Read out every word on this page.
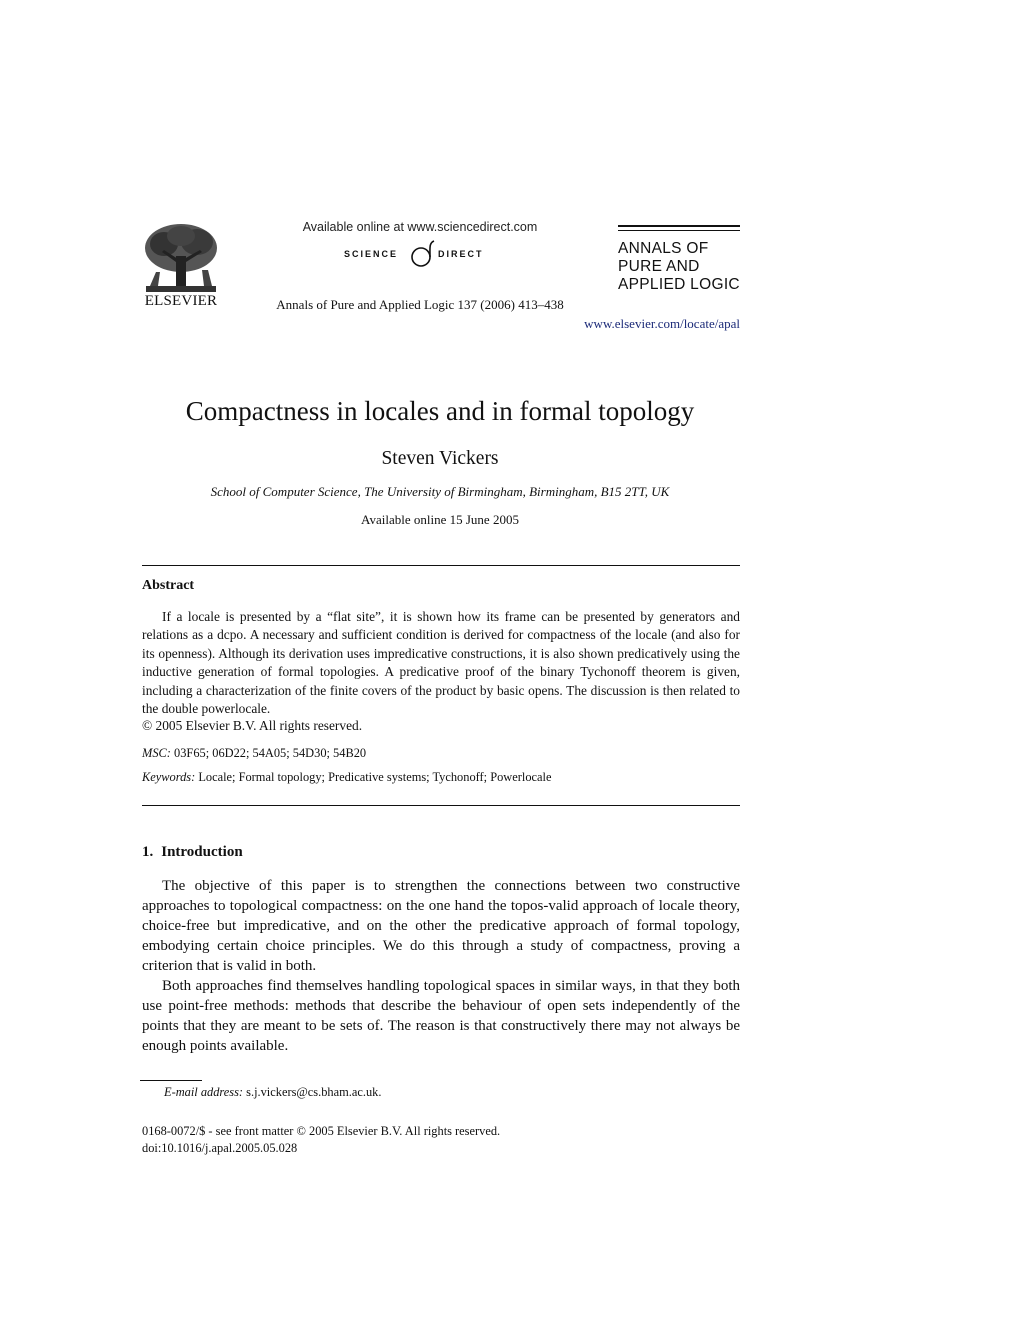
ELSEVIER
Available online at www.sciencedirect.com
SCIENCE	DIRECT
Annals of Pure and Applied Logic 137 (2006) 413–438
ANNALS OF
PURE AND
APPLIED LOGIC
www.elsevier.com/locate/apal
Compactness in locales and in formal topology
Steven Vickers
School of Computer Science, The University of Birmingham, Birmingham, B15 2TT, UK
Available online 15 June 2005
Abstract

If a locale is presented by a “flat site”, it is shown how its frame can be presented by generators and relations as a dcpo. A necessary and sufficient condition is derived for compactness of the locale (and also for its openness). Although its derivation uses impredicative constructions, it is also shown predicatively using the inductive generation of formal topologies. A predicative proof of the binary Tychonoff theorem is given, including a characterization of the finite covers of the product by basic opens. The discussion is then related to the double powerlocale.

© 2005 Elsevier B.V. All rights reserved.
MSC: 03F65; 06D22; 54A05; 54D30; 54B20
Keywords: Locale; Formal topology; Predicative systems; Tychonoff; Powerlocale
1. Introduction

The objective of this paper is to strengthen the connections between two constructive approaches to topological compactness: on the one hand the topos-valid approach of locale theory, choice-free but impredicative, and on the other the predicative approach of formal topology, embodying certain choice principles. We do this through a study of compactness, proving a criterion that is valid in both.

Both approaches find themselves handling topological spaces in similar ways, in that they both use point-free methods: methods that describe the behaviour of open sets independently of the points that they are meant to be sets of. The reason is that constructively there may not always be enough points available.

E-mail address: s.j.vickers@cs.bham.ac.uk.
0168-0072/$ - see front matter © 2005 Elsevier B.V. All rights reserved.
doi:10.1016/j.apal.2005.05.028
